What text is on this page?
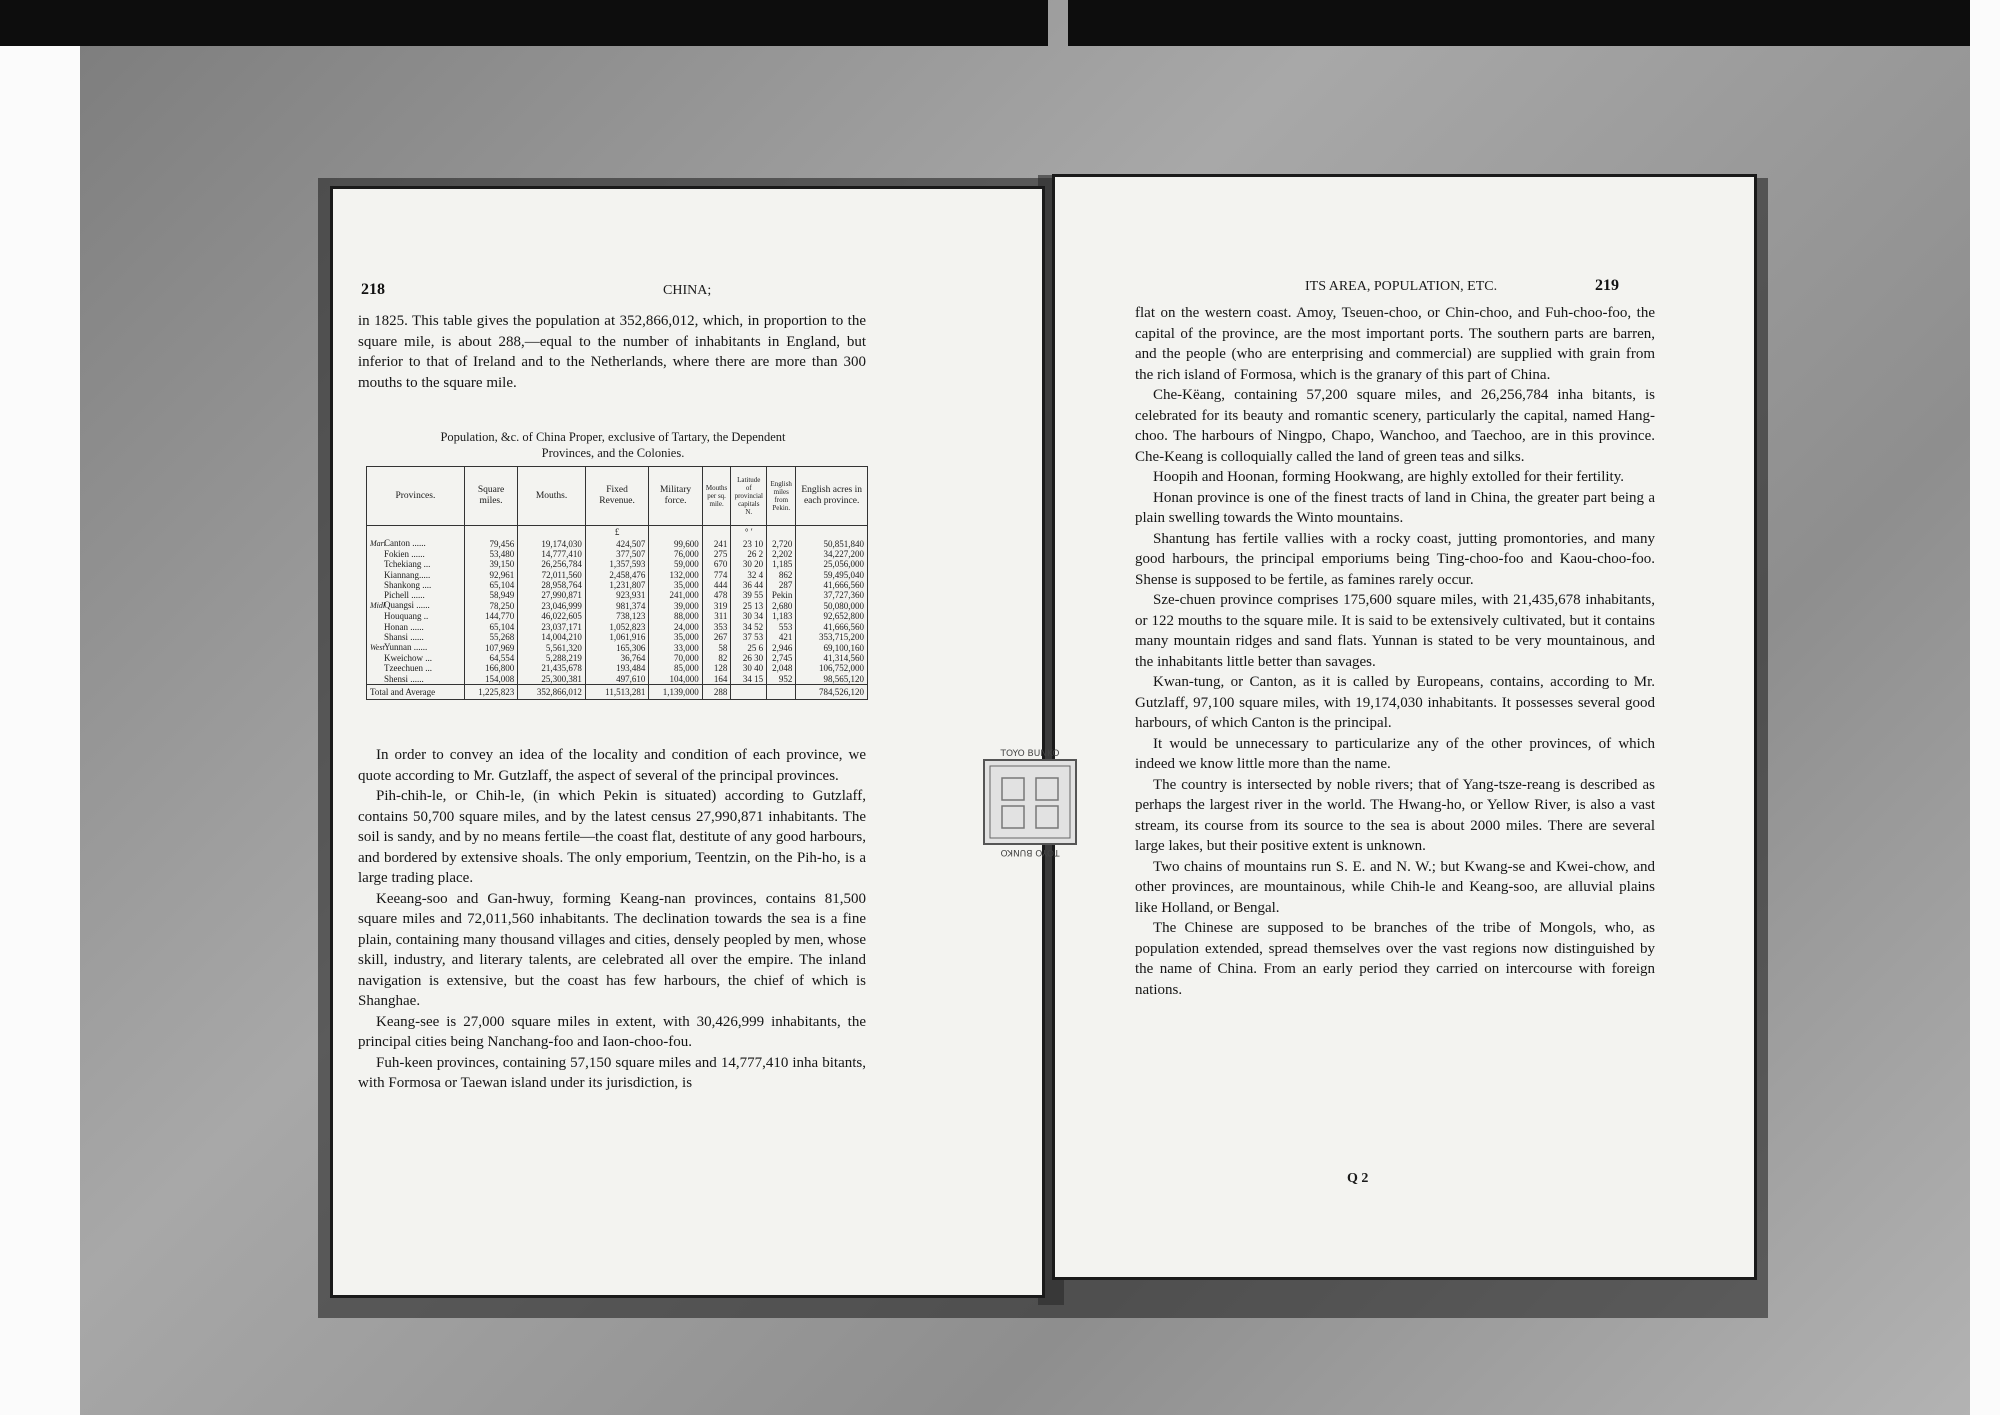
218	CHINA;

in 1825. This table gives the population at 352,866,012, which, in proportion to the square mile, is about 288,—equal to the number of inhabitants in England, but inferior to that of Ireland and to the Netherlands, where there are more than 300 mouths to the square mile.

Population, &c. of China Proper, exclusive of Tartary, the Dependent
Provinces, and the Colonies.
Provinces.	Square miles.	Mouths.	Fixed Revenue.	Military force.	Mouths per sq. mile.	Latitude of provincial capitals N.	English miles from Pekin.	English acres in each province.
			£			° ′		
MariCanton ......	79,456	19,174,030	424,507	99,600	241	23 10	2,720	50,851,840
Fokien ......	53,480	14,777,410	377,507	76,000	275	26 2	2,202	34,227,200
Tchekiang ...	39,150	26,256,784	1,357,593	59,000	670	30 20	1,185	25,056,000
Kiannang.....	92,961	72,011,560	2,458,476	132,000	774	32 4	862	59,495,040
Shankong ....	65,104	28,958,764	1,231,807	35,000	444	36 44	287	41,666,560
Pichell ......	58,949	27,990,871	923,931	241,000	478	39 55	Pekin	37,727,360
MidlQuangsi ......	78,250	23,046,999	981,374	39,000	319	25 13	2,680	50,080,000
Houquang ..	144,770	46,022,605	738,123	88,000	311	30 34	1,183	92,652,800
Honan ......	65,104	23,037,171	1,052,823	24,000	353	34 52	553	41,666,560
Shansi ......	55,268	14,004,210	1,061,916	35,000	267	37 53	421	353,715,200
WestYunnan ......	107,969	5,561,320	165,306	33,000	58	25 6	2,946	69,100,160
Kweichow ...	64,554	5,288,219	36,764	70,000	82	26 30	2,745	41,314,560
Tzeechuen ...	166,800	21,435,678	193,484	85,000	128	30 40	2,048	106,752,000
Shensi ......	154,008	25,300,381	497,610	104,000	164	34 15	952	98,565,120
Total and Average	1,225,823	352,866,012	11,513,281	1,139,000	288			784,526,120

In order to convey an idea of the locality and condition of each province, we quote according to Mr. Gutzlaff, the aspect of several of the principal provinces.

Pih-chih-le, or Chih-le, (in which Pekin is situated) according to Gutzlaff, contains 50,700 square miles, and by the latest census 27,990,871 inhabitants. The soil is sandy, and by no means fertile—the coast flat, destitute of any good harbours, and bordered by extensive shoals. The only emporium, Teentzin, on the Pih-ho, is a large trading place.

Keeang-soo and Gan-hwuy, forming Keang-nan provinces, contains 81,500 square miles and 72,011,560 inhabitants. The declination towards the sea is a fine plain, containing many thousand villages and cities, densely peopled by men, whose skill, industry, and literary talents, are celebrated all over the empire. The inland navigation is extensive, but the coast has few harbours, the chief of which is Shanghae.

Keang-see is 27,000 square miles in extent, with 30,426,999 inhabitants, the principal cities being Nanchang-foo and Iaon-choo-fou.

Fuh-keen provinces, containing 57,150 square miles and 14,777,410 inha bitants, with Formosa or Taewan island under its jurisdiction, is

ITS AREA, POPULATION, ETC.	219

flat on the western coast. Amoy, Tseuen-choo, or Chin-choo, and Fuh-choo-foo, the capital of the province, are the most important ports. The southern parts are barren, and the people (who are enterprising and commercial) are supplied with grain from the rich island of Formosa, which is the granary of this part of China.

Che-Këang, containing 57,200 square miles, and 26,256,784 inha bitants, is celebrated for its beauty and romantic scenery, particularly the capital, named Hang-choo. The harbours of Ningpo, Chapo, Wanchoo, and Taechoo, are in this province. Che-Keang is colloquially called the land of green teas and silks.

Hoopih and Hoonan, forming Hookwang, are highly extolled for their fertility.

Honan province is one of the finest tracts of land in China, the greater part being a plain swelling towards the Winto mountains.

Shantung has fertile vallies with a rocky coast, jutting promontories, and many good harbours, the principal emporiums being Ting-choo-foo and Kaou-choo-foo. Shense is supposed to be fertile, as famines rarely occur.

Sze-chuen province comprises 175,600 square miles, with 21,435,678 inhabitants, or 122 mouths to the square mile. It is said to be extensively cultivated, but it contains many mountain ridges and sand flats. Yunnan is stated to be very mountainous, and the inhabitants little better than savages.

Kwan-tung, or Canton, as it is called by Europeans, contains, according to Mr. Gutzlaff, 97,100 square miles, with 19,174,030 inhabitants. It possesses several good harbours, of which Canton is the principal.

It would be unnecessary to particularize any of the other provinces, of which indeed we know little more than the name.

The country is intersected by noble rivers; that of Yang-tsze-reang is described as perhaps the largest river in the world. The Hwang-ho, or Yellow River, is also a vast stream, its course from its source to the sea is about 2000 miles. There are several large lakes, but their positive extent is unknown.

Two chains of mountains run S. E. and N. W.; but Kwang-se and Kwei-chow, and other provinces, are mountainous, while Chih-le and Keang-soo, are alluvial plains like Holland, or Bengal.

The Chinese are supposed to be branches of the tribe of Mongols, who, as population extended, spread themselves over the vast regions now distinguished by the name of China. From an early period they carried on intercourse with foreign nations.

Q 2
TOYO BUNKO
TOYO BUNKO
